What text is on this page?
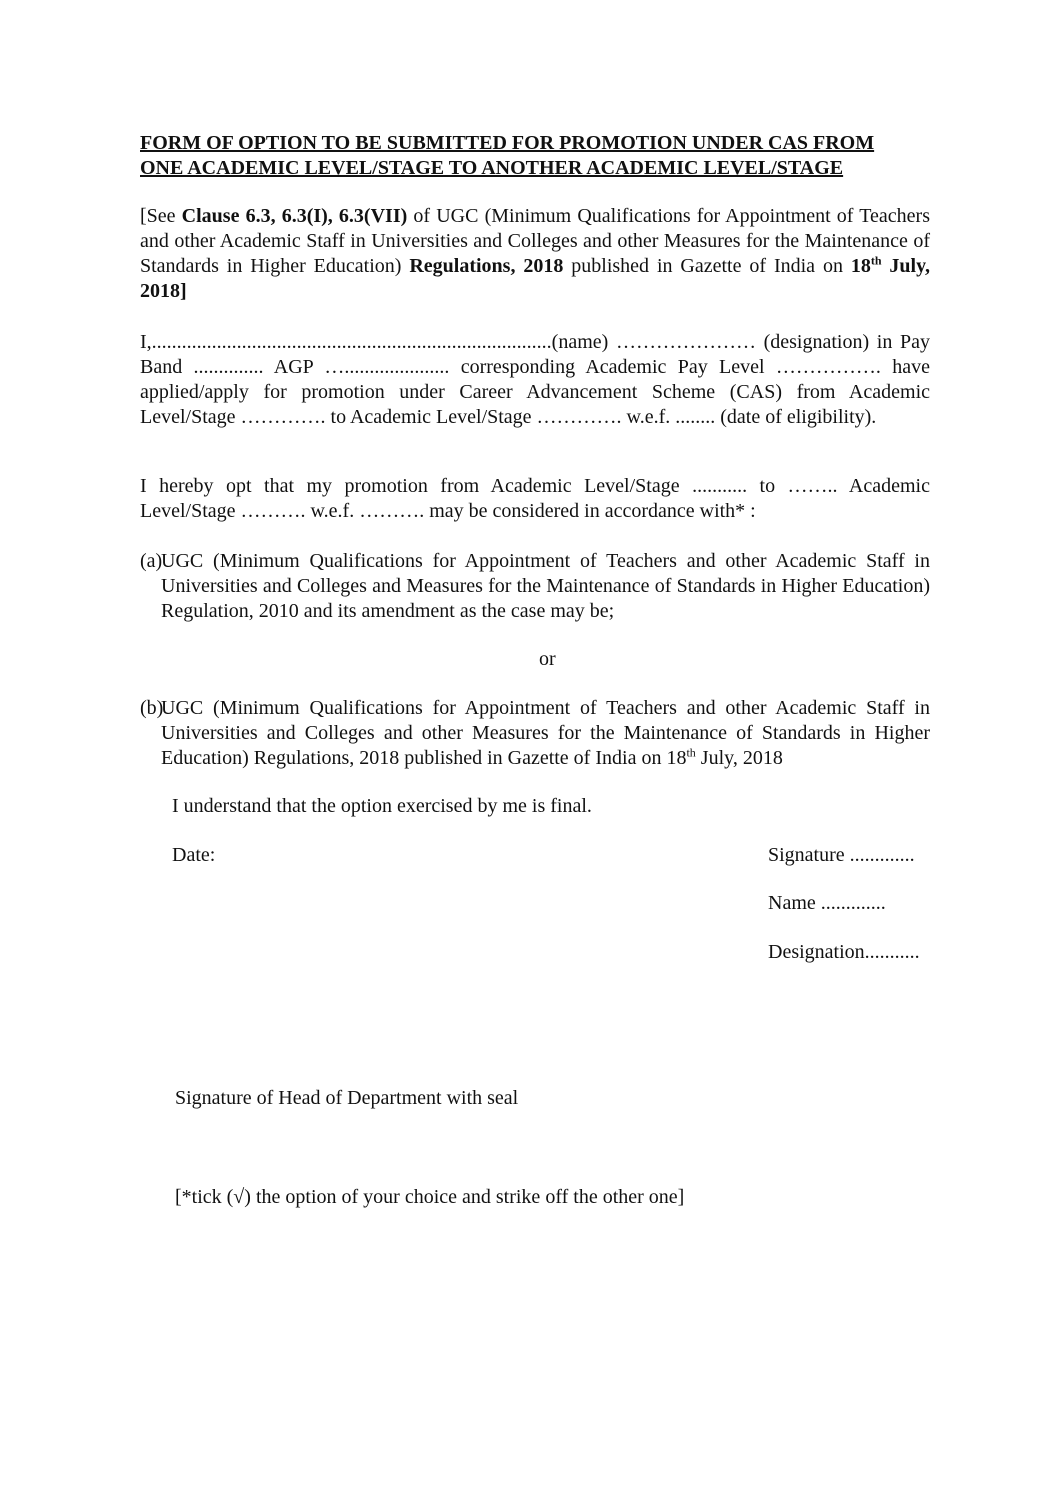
FORM OF OPTION TO BE SUBMITTED FOR PROMOTION UNDER CAS FROM
ONE ACADEMIC LEVEL/STAGE TO ANOTHER ACADEMIC LEVEL/STAGE
[See Clause 6.3, 6.3(I), 6.3(VII) of UGC (Minimum Qualifications for Appointment of Teachers and other Academic Staff in Universities and Colleges and other Measures for the Maintenance of Standards in Higher Education) Regulations, 2018 published in Gazette of India on 18th July, 2018]
I,................................................................................(name) ………………… (designation) in Pay Band .............. AGP …..................... corresponding Academic Pay Level ……………. have applied/apply for promotion under Career Advancement Scheme (CAS) from Academic Level/Stage …………. to Academic Level/Stage …………. w.e.f. ........ (date of eligibility).
I hereby opt that my promotion from Academic Level/Stage ........... to …….. Academic Level/Stage ………. w.e.f. ………. may be considered in accordance with* :
(a)
UGC (Minimum Qualifications for Appointment of Teachers and other Academic Staff in Universities and Colleges and Measures for the Maintenance of Standards in Higher Education) Regulation, 2010 and its amendment as the case may be;
or
(b)
UGC (Minimum Qualifications for Appointment of Teachers and other Academic Staff in Universities and Colleges and other Measures for the Maintenance of Standards in Higher Education) Regulations, 2018 published in Gazette of India on 18th July, 2018
I understand that the option exercised by me is final.
Date:	Signature .............
Name .............
Designation...........
Signature of Head of Department with seal
[*tick (√) the option of your choice and strike off the other one]
